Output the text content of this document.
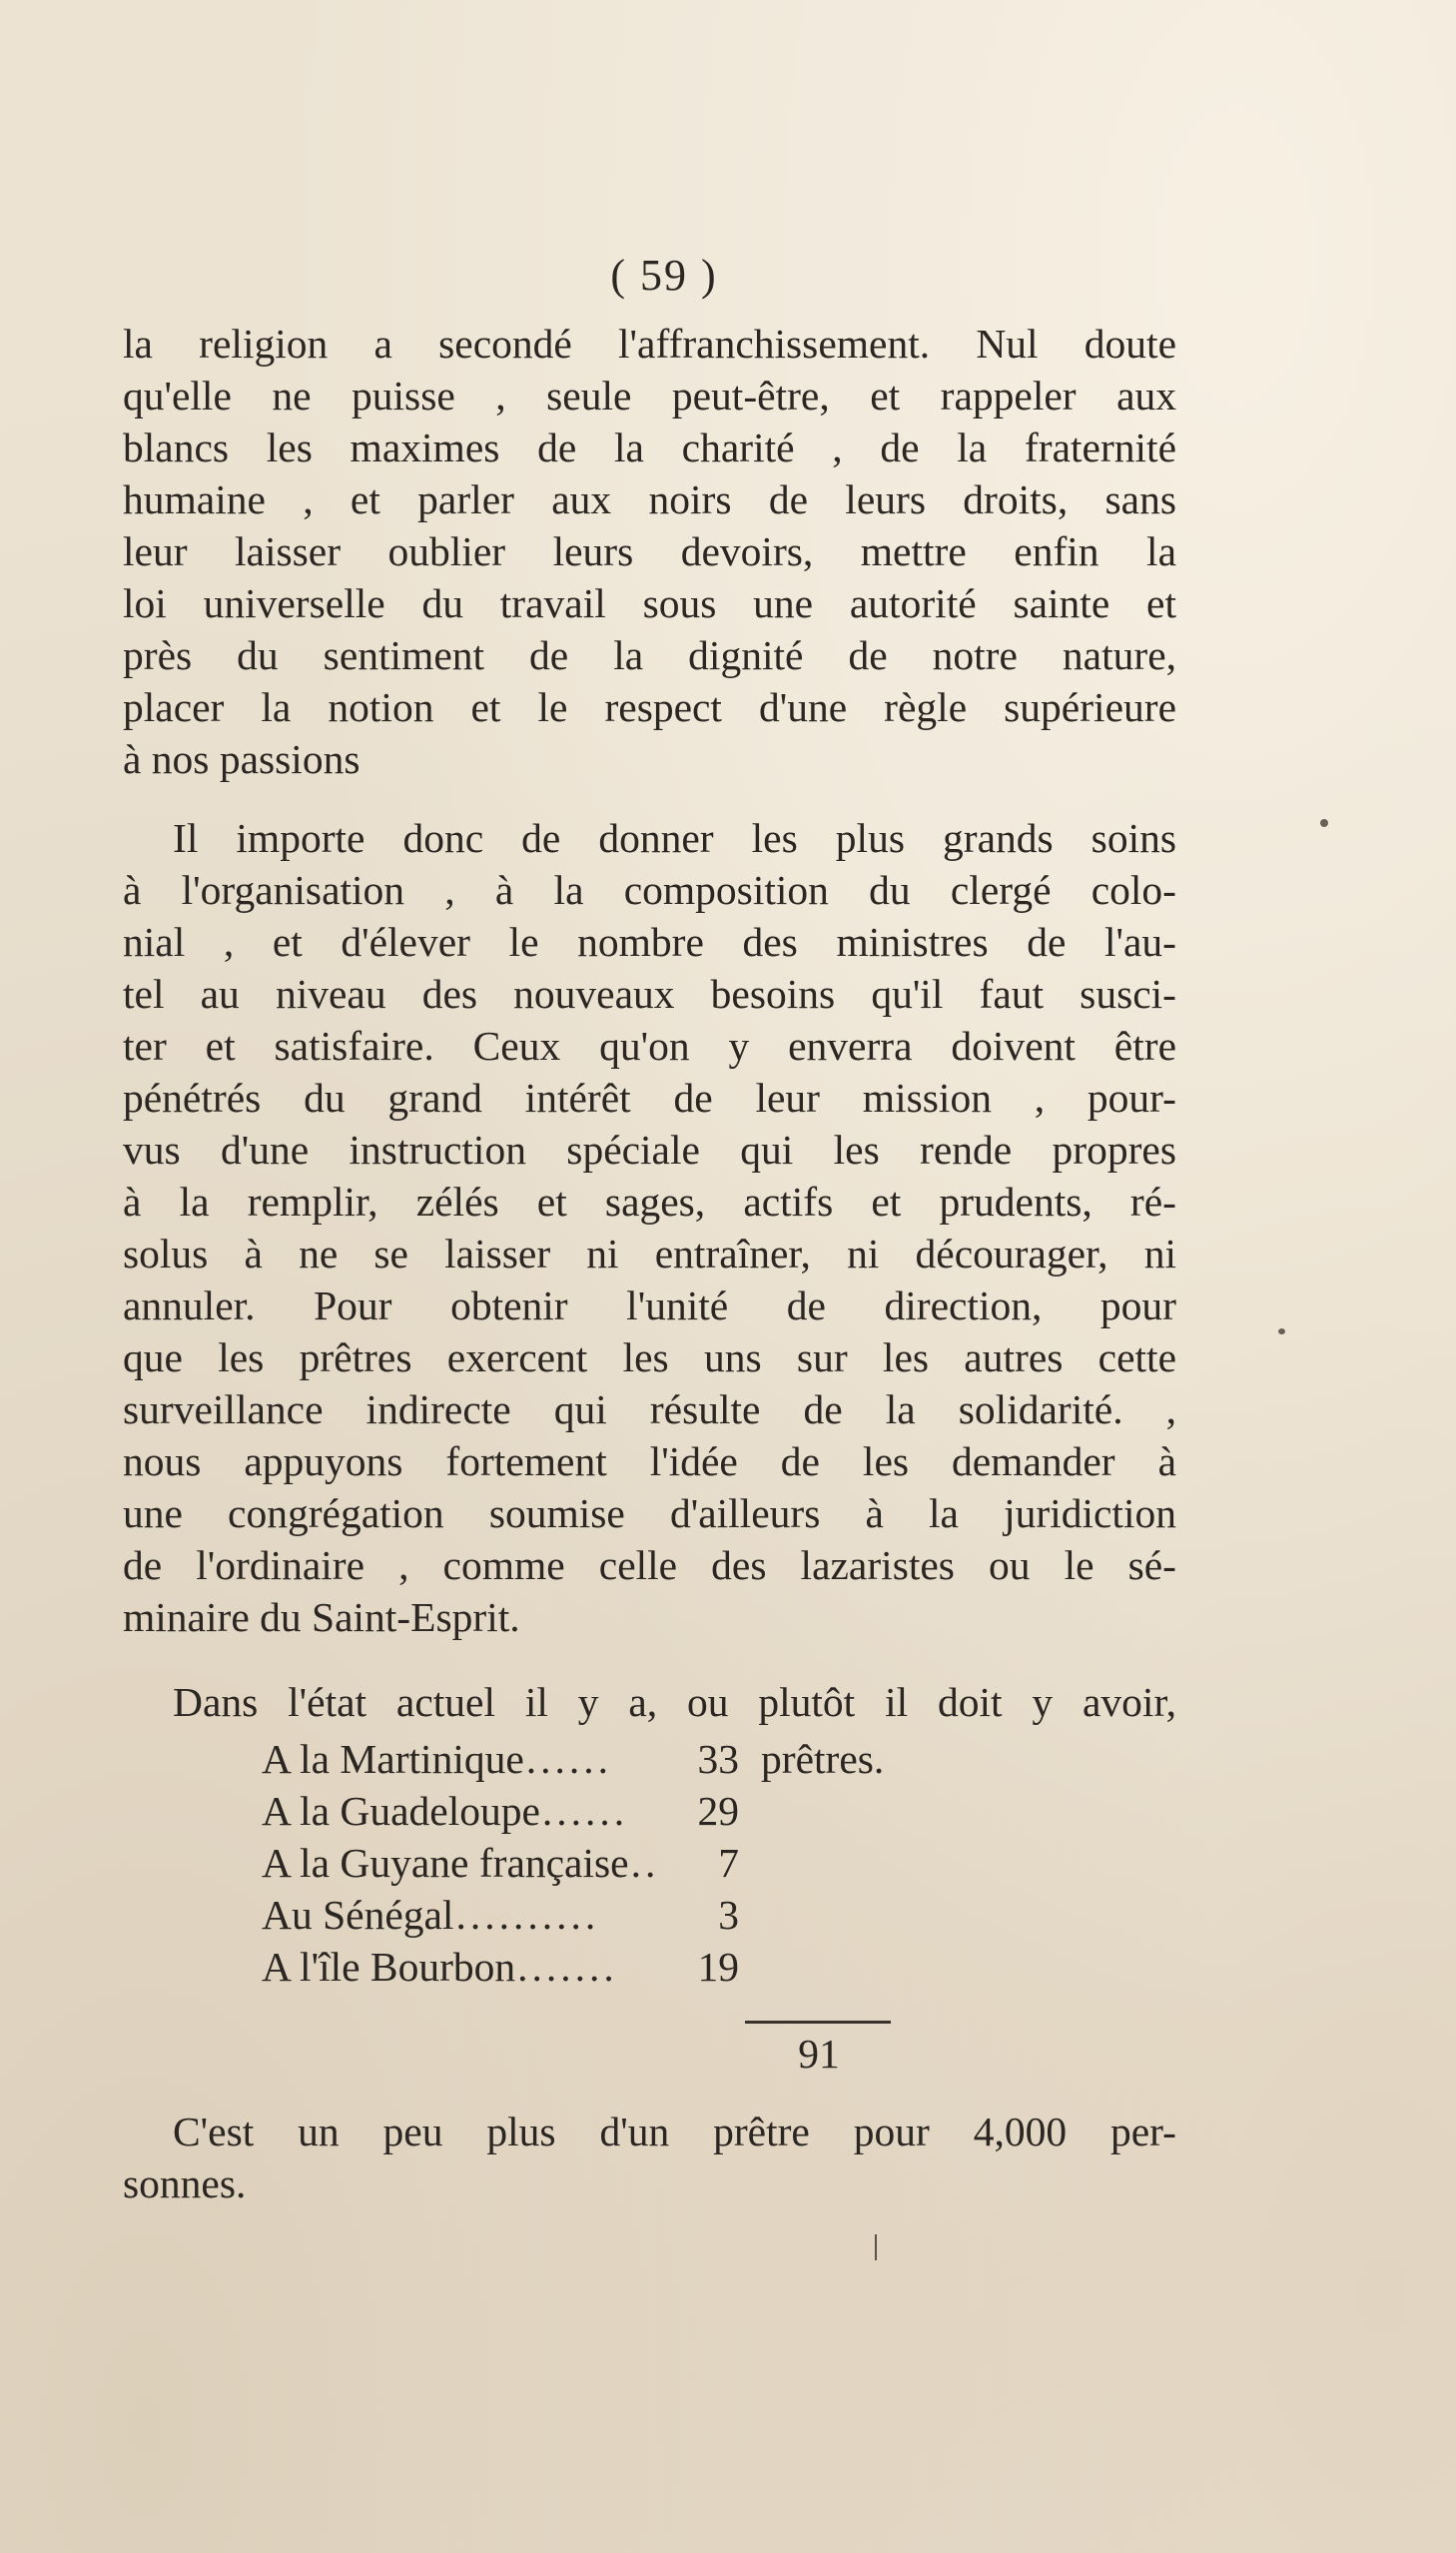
( 59 )
la religion a secondé l'affranchissement. Nul doute
qu'elle ne puisse , seule peut-être, et rappeler aux
blancs les maximes de la charité , de la fraternité
humaine , et parler aux noirs de leurs droits, sans
leur laisser oublier leurs devoirs, mettre enfin la
loi universelle du travail sous une autorité sainte et
près du sentiment de la dignité de notre nature,
placer la notion et le respect d'une règle supérieure
à nos passions
Il importe donc de donner les plus grands soins
à l'organisation , à la composition du clergé colo-
nial , et d'élever le nombre des ministres de l'au-
tel au niveau des nouveaux besoins qu'il faut susci-
ter et satisfaire. Ceux qu'on y enverra doivent être
pénétrés du grand intérêt de leur mission , pour-
vus d'une instruction spéciale qui les rende propres
à la remplir, zélés et sages, actifs et prudents, ré-
solus à ne se laisser ni entraîner, ni décourager, ni
annuler. Pour obtenir l'unité de direction, pour
que les prêtres exercent les uns sur les autres cette
surveillance indirecte qui résulte de la solidarité. ,
nous appuyons fortement l'idée de les demander à
une congrégation soumise d'ailleurs à la juridiction
de l'ordinaire , comme celle des lazaristes ou le sé-
minaire du Saint-Esprit.
Dans l'état actuel il y a, ou plutôt il doit y avoir,
A la Martinique ......	33 prêtres.
A la Guadeloupe ......	29
A la Guyane française ..	7
Au Sénégal ..........	3
A l'île Bourbon .......	19
91
C'est un peu plus d'un prêtre pour 4,000 per-
sonnes.
